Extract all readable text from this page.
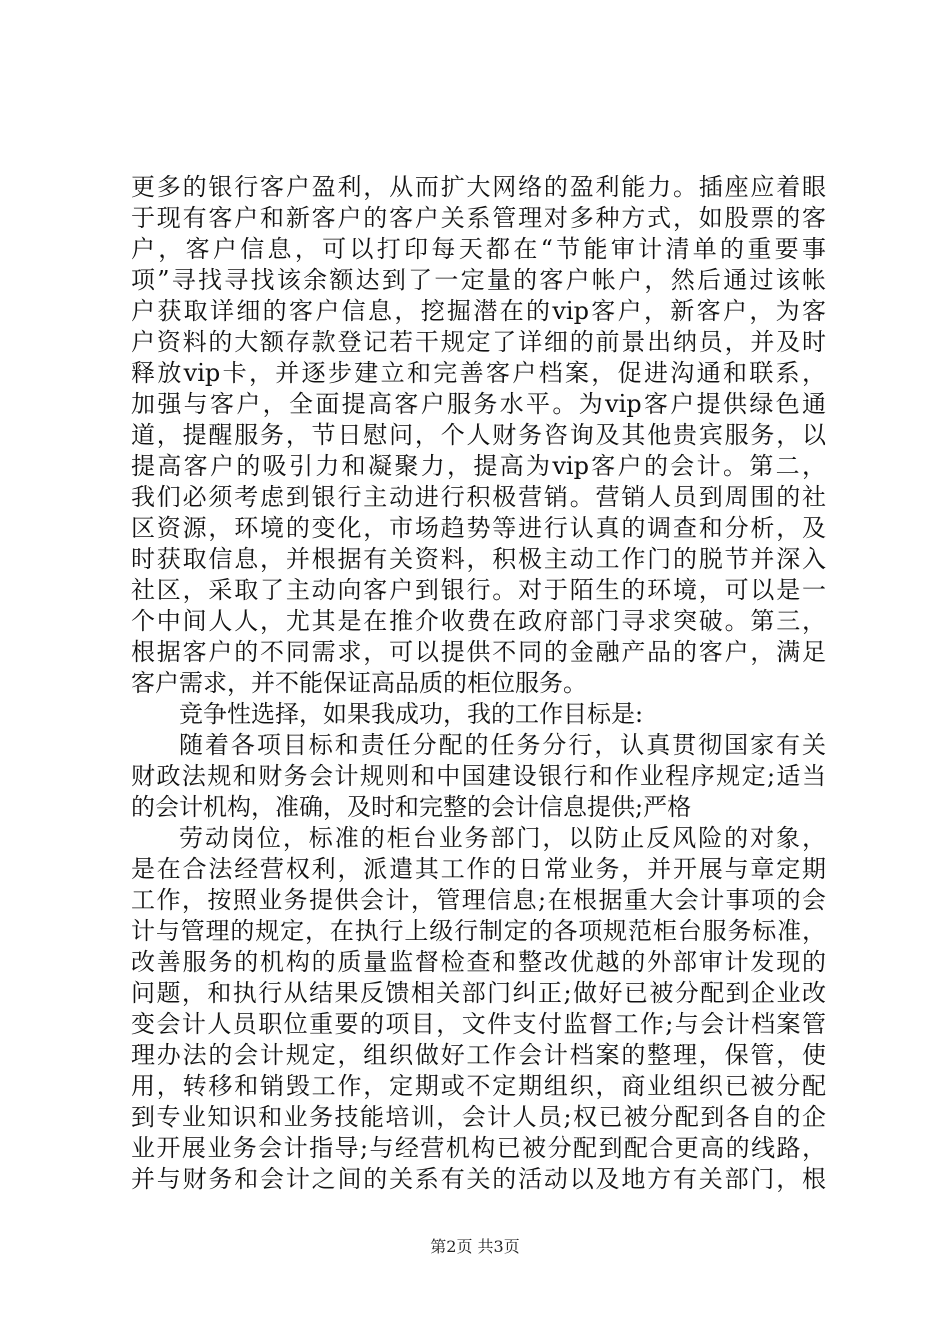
更多的银行客户盈利，从而扩大网络的盈利能力。插座应着眼
于现有客户和新客户的客户关系管理对多种方式，如股票的客
户，客户信息，可以打印每天都在“节能审计清单的重要事
项”寻找寻找该余额达到了一定量的客户帐户，然后通过该帐
户获取详细的客户信息，挖掘潜在的vip客户，新客户，为客
户资料的大额存款登记若干规定了详细的前景出纳员，并及时
释放vip卡，并逐步建立和完善客户档案，促进沟通和联系，
加强与客户，全面提高客户服务水平。为vip客户提供绿色通
道，提醒服务，节日慰问，个人财务咨询及其他贵宾服务，以
提高客户的吸引力和凝聚力，提高为vip客户的会计。第二，
我们必须考虑到银行主动进行积极营销。营销人员到周围的社
区资源，环境的变化，市场趋势等进行认真的调查和分析，及
时获取信息，并根据有关资料，积极主动工作门的脱节并深入
社区，采取了主动向客户到银行。对于陌生的环境，可以是一
个中间人人，尤其是在推介收费在政府部门寻求突破。第三，
根据客户的不同需求，可以提供不同的金融产品的客户，满足
客户需求，并不能保证高品质的柜位服务。
竞争性选择，如果我成功，我的工作目标是:
随着各项目标和责任分配的任务分行，认真贯彻国家有关
财政法规和财务会计规则和中国建设银行和作业程序规定;适当
的会计机构，准确，及时和完整的会计信息提供;严格
劳动岗位，标准的柜台业务部门，以防止反风险的对象，
是在合法经营权利，派遣其工作的日常业务，并开展与章定期
工作，按照业务提供会计，管理信息;在根据重大会计事项的会
计与管理的规定，在执行上级行制定的各项规范柜台服务标准，
改善服务的机构的质量监督检查和整改优越的外部审计发现的
问题，和执行从结果反馈相关部门纠正;做好已被分配到企业改
变会计人员职位重要的项目，文件支付监督工作;与会计档案管
理办法的会计规定，组织做好工作会计档案的整理，保管，使
用，转移和销毁工作，定期或不定期组织，商业组织已被分配
到专业知识和业务技能培训，会计人员;权已被分配到各自的企
业开展业务会计指导;与经营机构已被分配到配合更高的线路，
并与财务和会计之间的关系有关的活动以及地方有关部门，根
第2页 共3页
